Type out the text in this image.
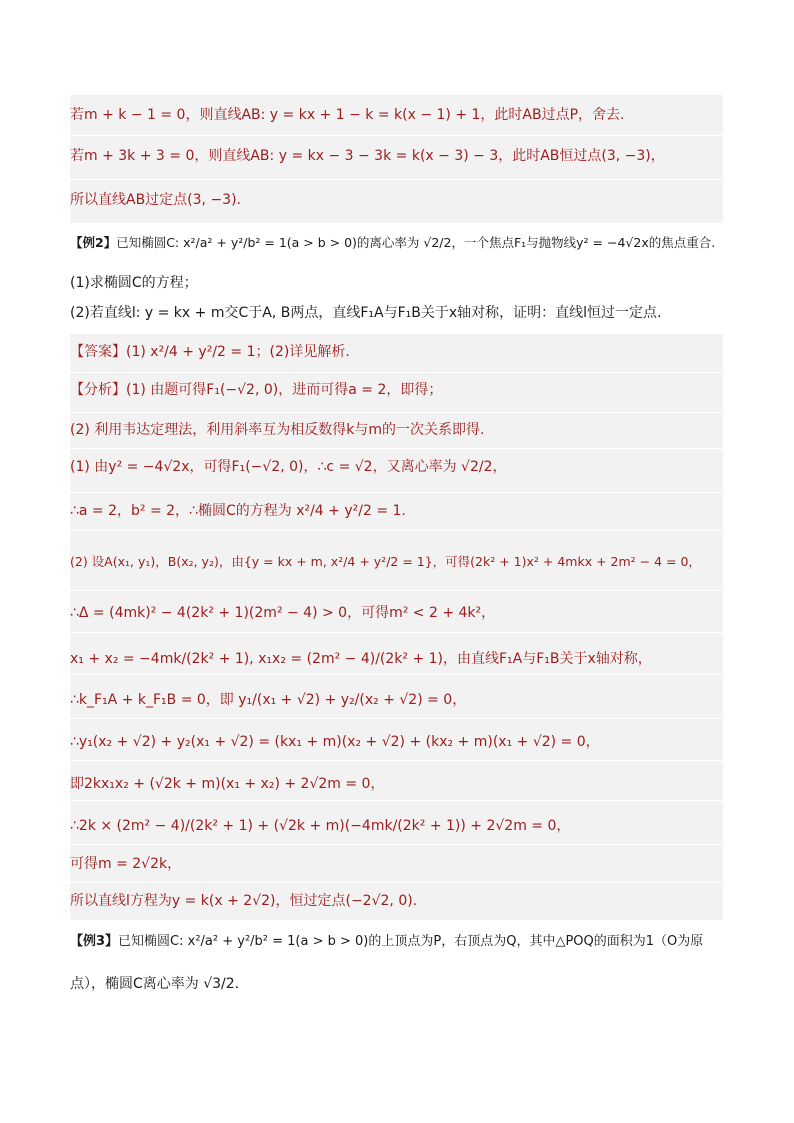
若m + k − 1 = 0，则直线AB: y = kx + 1 − k = k(x − 1) + 1，此时AB过点P，舍去.
若m + 3k + 3 = 0，则直线AB: y = kx − 3 − 3k = k(x − 3) − 3，此时AB恒过点(3, −3)，
所以直线AB过定点(3, −3).
【例2】已知椭圆C: x²/a² + y²/b² = 1(a > b > 0)的离心率为 √2/2，一个焦点F₁与抛物线y² = −4√2x的焦点重合.
(1)求椭圆C的方程；
(2)若直线l: y = kx + m交C于A, B两点，直线F₁A与F₁B关于x轴对称，证明：直线l恒过一定点.
【答案】(1) x²/4 + y²/2 = 1；(2)详见解析.
【分析】(1) 由题可得F₁(−√2, 0)，进而可得a = 2，即得；
(2) 利用韦达定理法，利用斜率互为相反数得k与m的一次关系即得.
(1) 由y² = −4√2x，可得F₁(−√2, 0)，∴c = √2，又离心率为 √2/2，
∴a = 2，b² = 2，∴椭圆C的方程为 x²/4 + y²/2 = 1.
(2) 设A(x₁, y₁)，B(x₂, y₂)，由{y = kx + m, x²/4 + y²/2 = 1}，可得(2k² + 1)x² + 4mkx + 2m² − 4 = 0，
∴Δ = (4mk)² − 4(2k² + 1)(2m² − 4) > 0，可得m² < 2 + 4k²，
x₁ + x₂ = −4mk/(2k² + 1), x₁x₂ = (2m² − 4)/(2k² + 1)，由直线F₁A与F₁B关于x轴对称，
∴k_F₁A + k_F₁B = 0，即 y₁/(x₁ + √2) + y₂/(x₂ + √2) = 0，
∴y₁(x₂ + √2) + y₂(x₁ + √2) = (kx₁ + m)(x₂ + √2) + (kx₂ + m)(x₁ + √2) = 0，
即2kx₁x₂ + (√2k + m)(x₁ + x₂) + 2√2m = 0，
∴2k × (2m² − 4)/(2k² + 1) + (√2k + m)(−4mk/(2k² + 1)) + 2√2m = 0，
可得m = 2√2k，
所以直线l方程为y = k(x + 2√2)，恒过定点(−2√2, 0).
【例3】已知椭圆C: x²/a² + y²/b² = 1(a > b > 0)的上顶点为P，右顶点为Q，其中△POQ的面积为1（O为原
点），椭圆C离心率为 √3/2.
